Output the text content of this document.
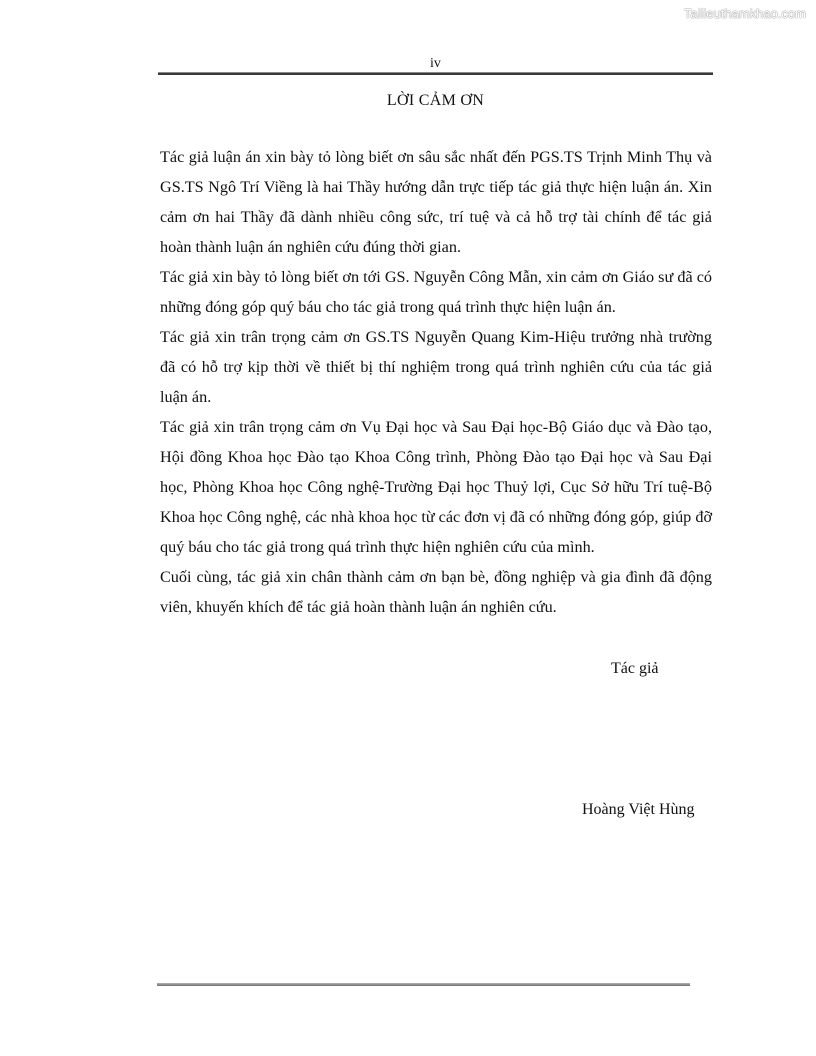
Tailieuthamkhao.com
iv
LỜI CẢM ƠN

Tác giả luận án xin bày tỏ lòng biết ơn sâu sắc nhất đến PGS.TS Trịnh Minh Thụ và GS.TS Ngô Trí Viềng là hai Thầy hướng dẫn trực tiếp tác giả thực hiện luận án. Xin cảm ơn hai Thầy đã dành nhiều công sức, trí tuệ và cả hỗ trợ tài chính để tác giả hoàn thành luận án nghiên cứu đúng thời gian.

Tác giả xin bày tỏ lòng biết ơn tới GS. Nguyễn Công Mẫn, xin cảm ơn Giáo sư đã có những đóng góp quý báu cho tác giả trong quá trình thực hiện luận án.

Tác giả xin trân trọng cảm ơn GS.TS Nguyễn Quang Kim-Hiệu trưởng nhà trường đã có hỗ trợ kịp thời về thiết bị thí nghiệm trong quá trình nghiên cứu của tác giả luận án.

Tác giả xin trân trọng cảm ơn Vụ Đại học và Sau Đại học-Bộ Giáo dục và Đào tạo, Hội đồng Khoa học Đào tạo Khoa Công trình, Phòng Đào tạo Đại học và Sau Đại học, Phòng Khoa học Công nghệ-Trường Đại học Thuỷ lợi, Cục Sở hữu Trí tuệ-Bộ Khoa học Công nghệ, các nhà khoa học từ các đơn vị đã có những đóng góp, giúp đỡ quý báu cho tác giả trong quá trình thực hiện nghiên cứu của mình.

Cuối cùng, tác giả xin chân thành cảm ơn bạn bè, đồng nghiệp và gia đình đã động viên, khuyến khích để tác giả hoàn thành luận án nghiên cứu.

Tác giả
Hoàng Việt Hùng
